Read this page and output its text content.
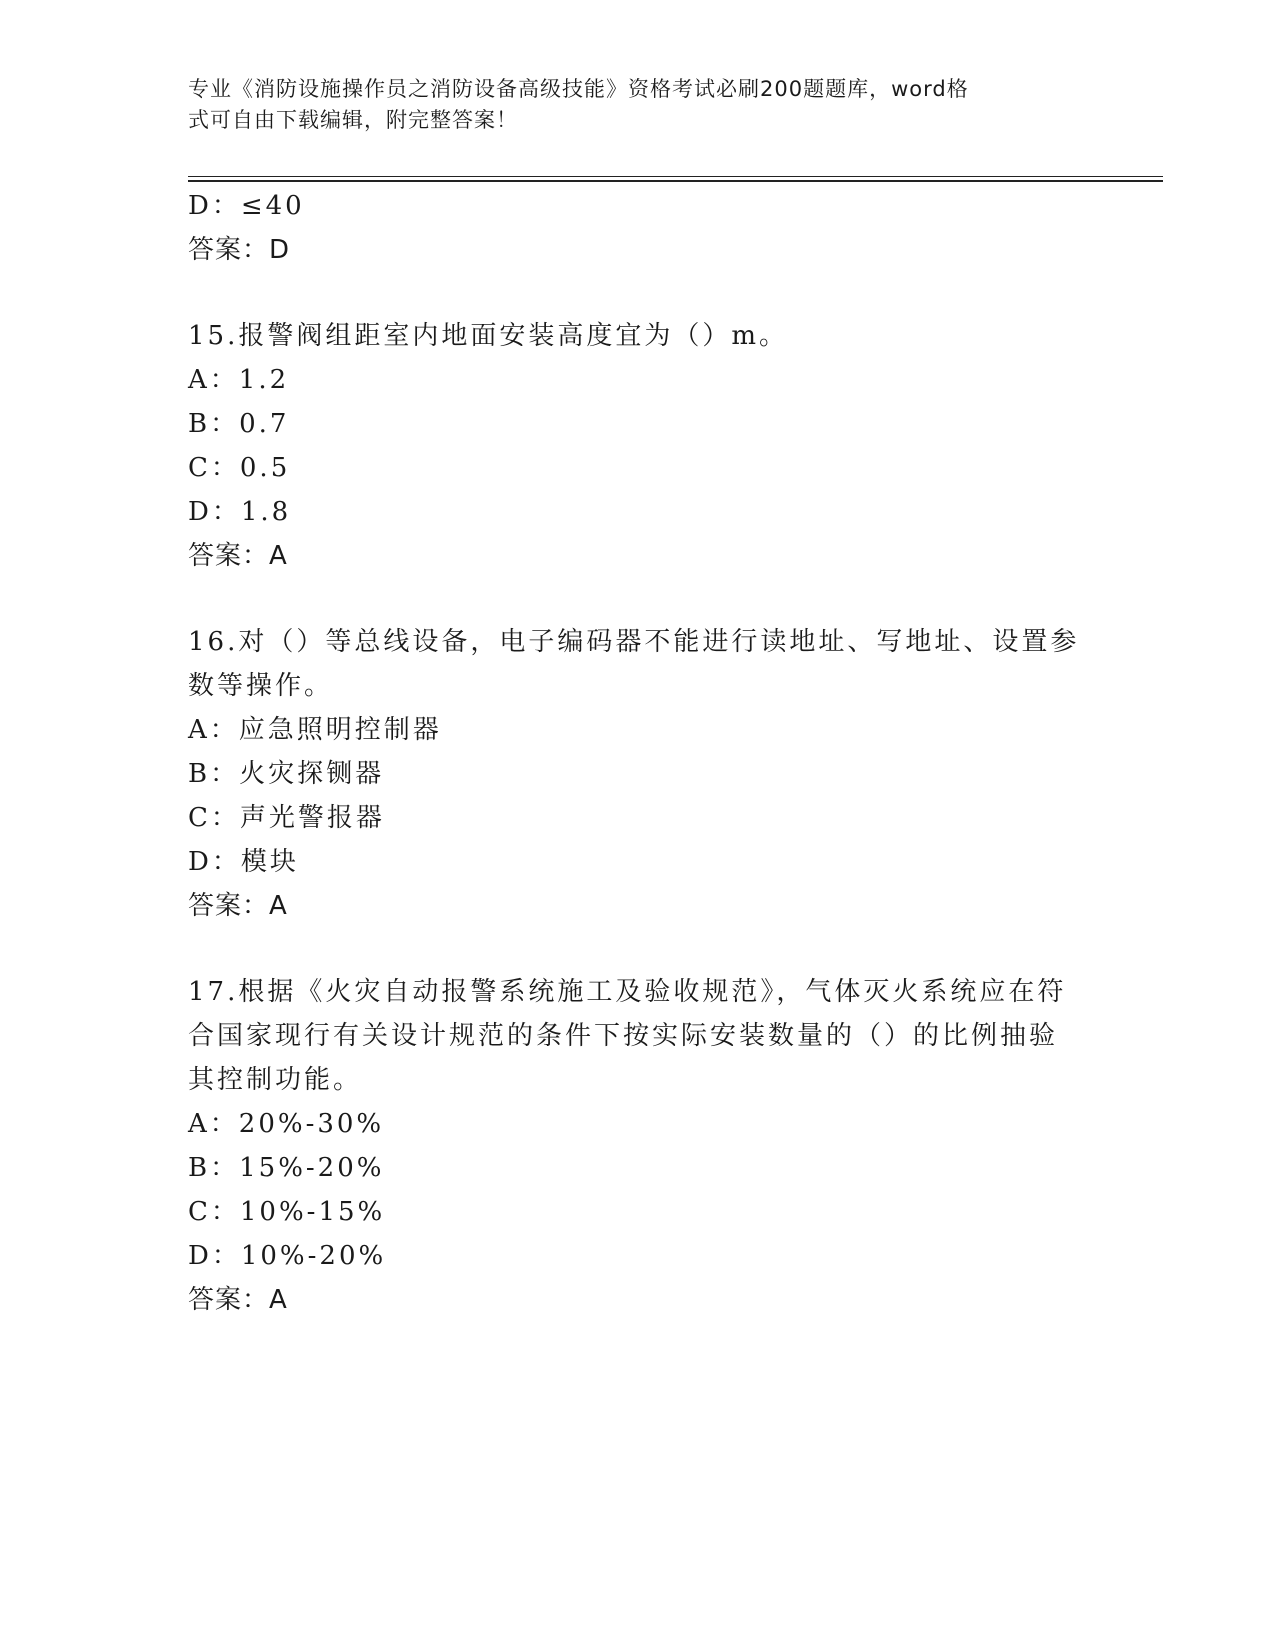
专业《消防设施操作员之消防设备高级技能》资格考试必刷200题题库，word格
式可自由下载编辑，附完整答案！
D：≤40
答案：D
15.报警阀组距室内地面安装高度宜为（）m。
A：1.2
B：0.7
C：0.5
D：1.8
答案：A
16.对（）等总线设备，电子编码器不能进行读地址、写地址、设置参
数等操作。
A：应急照明控制器
B：火灾探铡器
C：声光警报器
D：模块
答案：A
17.根据《火灾自动报警系统施工及验收规范》，气体灭火系统应在符
合国家现行有关设计规范的条件下按实际安装数量的（）的比例抽验
其控制功能。
A：20%-30%
B：15%-20%
C：10%-15%
D：10%-20%
答案：A
